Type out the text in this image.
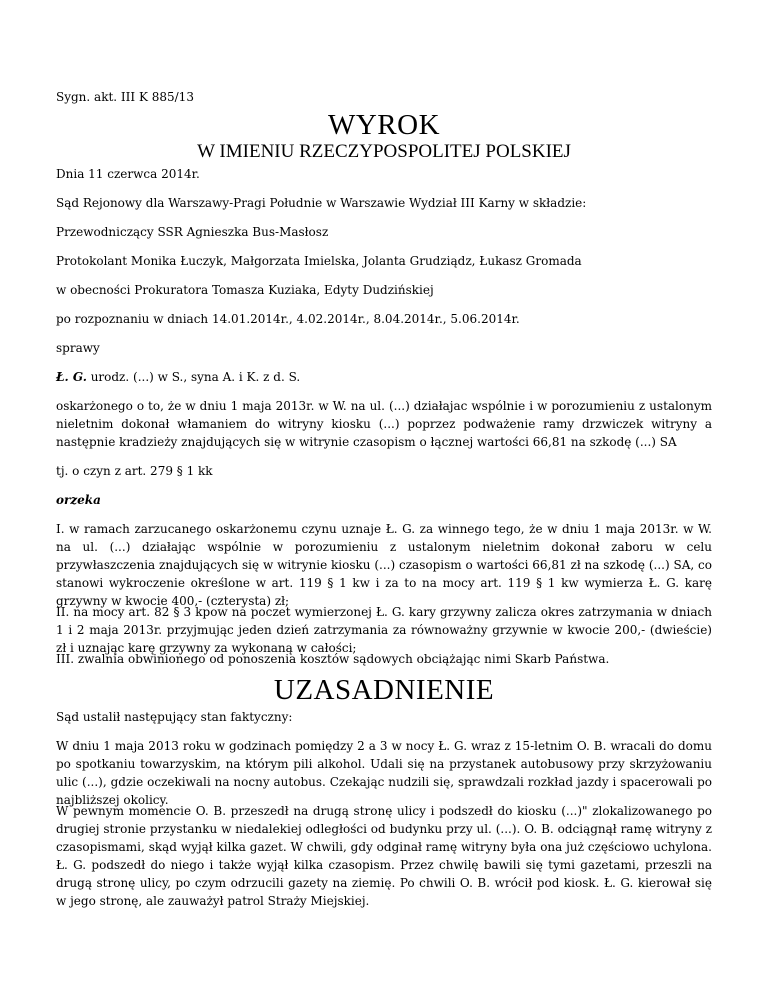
Sygn. akt. III K 885/13

WYROK
W IMIENIU RZECZYPOSPOLITEJ POLSKIEJ

Dnia 11 czerwca 2014r.

Sąd Rejonowy dla Warszawy-Pragi Południe w Warszawie Wydział III Karny w składzie:

Przewodniczący SSR Agnieszka Bus-Masłosz

Protokolant Monika Łuczyk, Małgorzata Imielska, Jolanta Grudziądz, Łukasz Gromada

w obecności Prokuratora Tomasza Kuziaka, Edyty Dudzińskiej

po rozpoznaniu w dniach 14.01.2014r., 4.02.2014r., 8.04.2014r., 5.06.2014r.

sprawy

Ł. G. urodz. (...) w S., syna A. i K. z d. S.

oskarżonego o to, że w dniu 1 maja 2013r. w W. na ul. (...) działajac wspólnie i w porozumieniu z ustalonym nieletnim dokonał włamaniem do witryny kiosku (...) poprzez podważenie ramy drzwiczek witryny a następnie kradzieży znajdujących się w witrynie czasopism o łącznej wartości 66,81 na szkodę (...) SA

tj. o czyn z art. 279 § 1 kk

orzeka

I. w ramach zarzucanego oskarżonemu czynu uznaje Ł. G. za winnego tego, że w dniu 1 maja 2013r. w W. na ul. (...) działając wspólnie w porozumieniu z ustalonym nieletnim dokonał zaboru w celu przywłaszczenia znajdujących się w witrynie kiosku (...) czasopism o wartości 66,81 zł na szkodę (...) SA, co stanowi wykroczenie określone w art. 119 § 1 kw i za to na mocy art. 119 § 1 kw wymierza Ł. G. karę grzywny w kwocie 400,- (czterysta) zł;

II. na mocy art. 82 § 3 kpow na poczet wymierzonej Ł. G. kary grzywny zalicza okres zatrzymania w dniach 1 i 2 maja 2013r. przyjmując jeden dzień zatrzymania za równoważny grzywnie w kwocie 200,- (dwieście) zł i uznając karę grzywny za wykonaną w całości;

III. zwalnia obwinionego od ponoszenia kosztów sądowych obciążając nimi Skarb Państwa.

UZASADNIENIE

Sąd ustalił następujący stan faktyczny:

W dniu 1 maja 2013 roku w godzinach pomiędzy 2 a 3 w nocy Ł. G. wraz z 15-letnim O. B. wracali do domu po spotkaniu towarzyskim, na którym pili alkohol. Udali się na przystanek autobusowy przy skrzyżowaniu ulic (...), gdzie oczekiwali na nocny autobus. Czekając nudzili się, sprawdzali rozkład jazdy i spacerowali po najbliższej okolicy.

W pewnym momencie O. B. przeszedł na drugą stronę ulicy i podszedł do kiosku (...)" zlokalizowanego po drugiej stronie przystanku w niedalekiej odległości od budynku przy ul. (...). O. B. odciągnął ramę witryny z czasopismami, skąd wyjął kilka gazet. W chwili, gdy odginał ramę witryny była ona już częściowo uchylona. Ł. G. podszedł do niego i także wyjął kilka czasopism. Przez chwilę bawili się tymi gazetami, przeszli na drugą stronę ulicy, po czym odrzucili gazety na ziemię. Po chwili O. B. wrócił pod kiosk. Ł. G. kierował się w jego stronę, ale zauważył patrol Straży Miejskiej.
